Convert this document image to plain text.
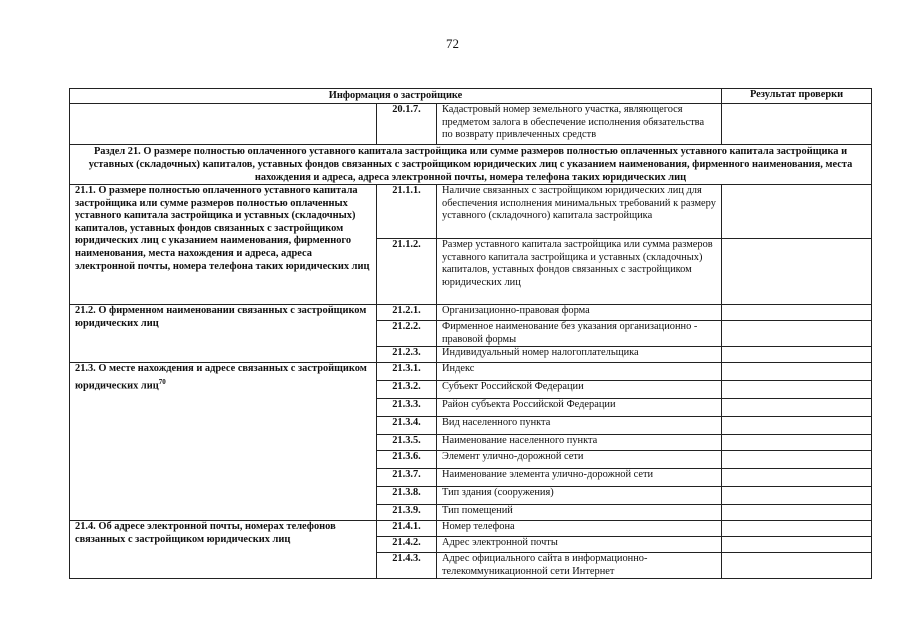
72
Информация о застройщике			Результат проверки
	20.1.7.	Кадастровый номер земельного участка, являющегося предметом залога в обеспечение исполнения обязательства по возврату привлеченных средств	
Раздел 21. О размере полностью оплаченного уставного капитала застройщика или сумме размеров полностью оплаченных уставного капитала застройщика и уставных (складочных) капиталов, уставных фондов связанных с застройщиком юридических лиц с указанием наименования, фирменного наименования, места нахождения и адреса, адреса электронной почты, номера телефона таких юридических лиц			
21.1. О размере полностью оплаченного уставного капитала застройщика или сумме размеров полностью оплаченных уставного капитала застройщика и уставных (складочных) капиталов, уставных фондов связанных с застройщиком юридических лиц с указанием наименования, фирменного наименования, места нахождения и адреса, адреса электронной почты, номера телефона таких юридических лиц	21.1.1.	Наличие связанных с застройщиком юридических лиц для обеспечения исполнения минимальных требований к размеру уставного (складочного) капитала застройщика	
	21.1.2.	Размер уставного капитала застройщика или сумма размеров уставного капитала застройщика и уставных (складочных) капиталов, уставных фондов связанных с застройщиком юридических лиц	
21.2. О фирменном наименовании связанных с застройщиком юридических лиц	21.2.1.	Организационно-правовая форма	
	21.2.2.	Фирменное наименование без указания организационно - правовой формы	
	21.2.3.	Индивидуальный номер налогоплательщика	
21.3. О месте нахождения и адресе связанных с застройщиком юридических лиц$^{70}$	21.3.1.	Индекс	
	21.3.2.	Субъект Российской Федерации	
	21.3.3.	Район субъекта Российской Федерации	
	21.3.4.	Вид населенного пункта	
	21.3.5.	Наименование населенного пункта	
	21.3.6.	Элемент улично-дорожной сети	
	21.3.7.	Наименование элемента улично-дорожной сети	
	21.3.8.	Тип здания (сооружения)	
	21.3.9.	Тип помещений	
21.4. Об адресе электронной почты, номерах телефонов связанных с застройщиком юридических лиц	21.4.1.	Номер телефона	
	21.4.2.	Адрес электронной почты	
	21.4.3.	Адрес официального сайта в информационно-телекоммуникационной сети Интернет	
